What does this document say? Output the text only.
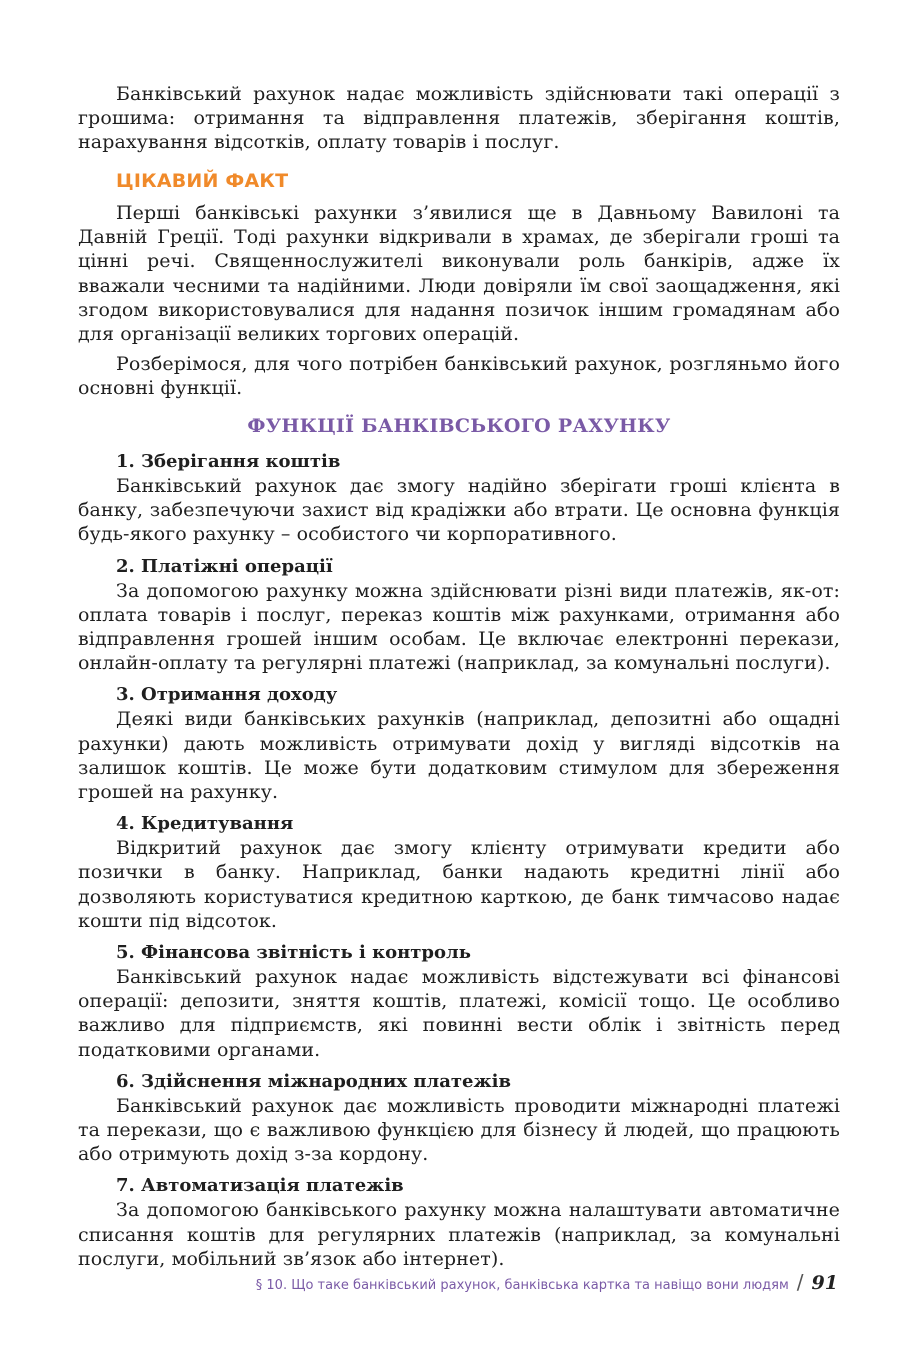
Банківський рахунок надає можливість здійснювати такі операції з грошима: отримання та відправлення платежів, зберігання коштів, нарахування відсотків, оплату товарів і послуг.

ЦІКАВИЙ ФАКТ

Перші банківські рахунки з’явилися ще в Давньому Вавилоні та Давній Греції. Тоді рахунки відкривали в храмах, де зберігали гроші та цінні речі. Священнослужителі виконували роль банкірів, адже їх вважали чесними та надійними. Люди довіряли їм свої заощадження, які згодом використовувалися для надання позичок іншим громадянам або для організації великих торгових операцій.

Розберімося, для чого потрібен банківський рахунок, розгляньмо його основні функції.

ФУНКЦІЇ БАНКІВСЬКОГО РАХУНКУ
1. Зберігання коштів

Банківський рахунок дає змогу надійно зберігати гроші клієнта в банку, забезпечуючи захист від крадіжки або втрати. Це основна функція будь-якого рахунку – особистого чи корпоративного.

2. Платіжні операції

За допомогою рахунку можна здійснювати різні види платежів, як-от: оплата товарів і послуг, переказ коштів між рахунками, отримання або відправлення грошей іншим особам. Це включає електронні перекази, онлайн-оплату та регулярні платежі (наприклад, за комунальні послуги).

3. Отримання доходу

Деякі види банківських рахунків (наприклад, депозитні або ощадні рахунки) дають можливість отримувати дохід у вигляді відсотків на залишок коштів. Це може бути додатковим стимулом для збереження грошей на рахунку.

4. Кредитування

Відкритий рахунок дає змогу клієнту отримувати кредити або позички в банку. Наприклад, банки надають кредитні лінії або дозволяють користуватися кредитною карткою, де банк тимчасово надає кошти під відсоток.

5. Фінансова звітність і контроль

Банківський рахунок надає можливість відстежувати всі фінансові операції: депозити, зняття коштів, платежі, комісії тощо. Це особливо важливо для підприємств, які повинні вести облік і звітність перед податковими органами.

6. Здійснення міжнародних платежів

Банківський рахунок дає можливість проводити міжнародні платежі та перекази, що є важливою функцією для бізнесу й людей, що працюють або отримують дохід з-за кордону.

7. Автоматизація платежів

За допомогою банківського рахунку можна налаштувати автоматичне списання коштів для регулярних платежів (наприклад, за комунальні послуги, мобільний зв’язок або інтернет).

§ 10. Що таке банківський рахунок, банківська картка та навіщо вони людям / 91
